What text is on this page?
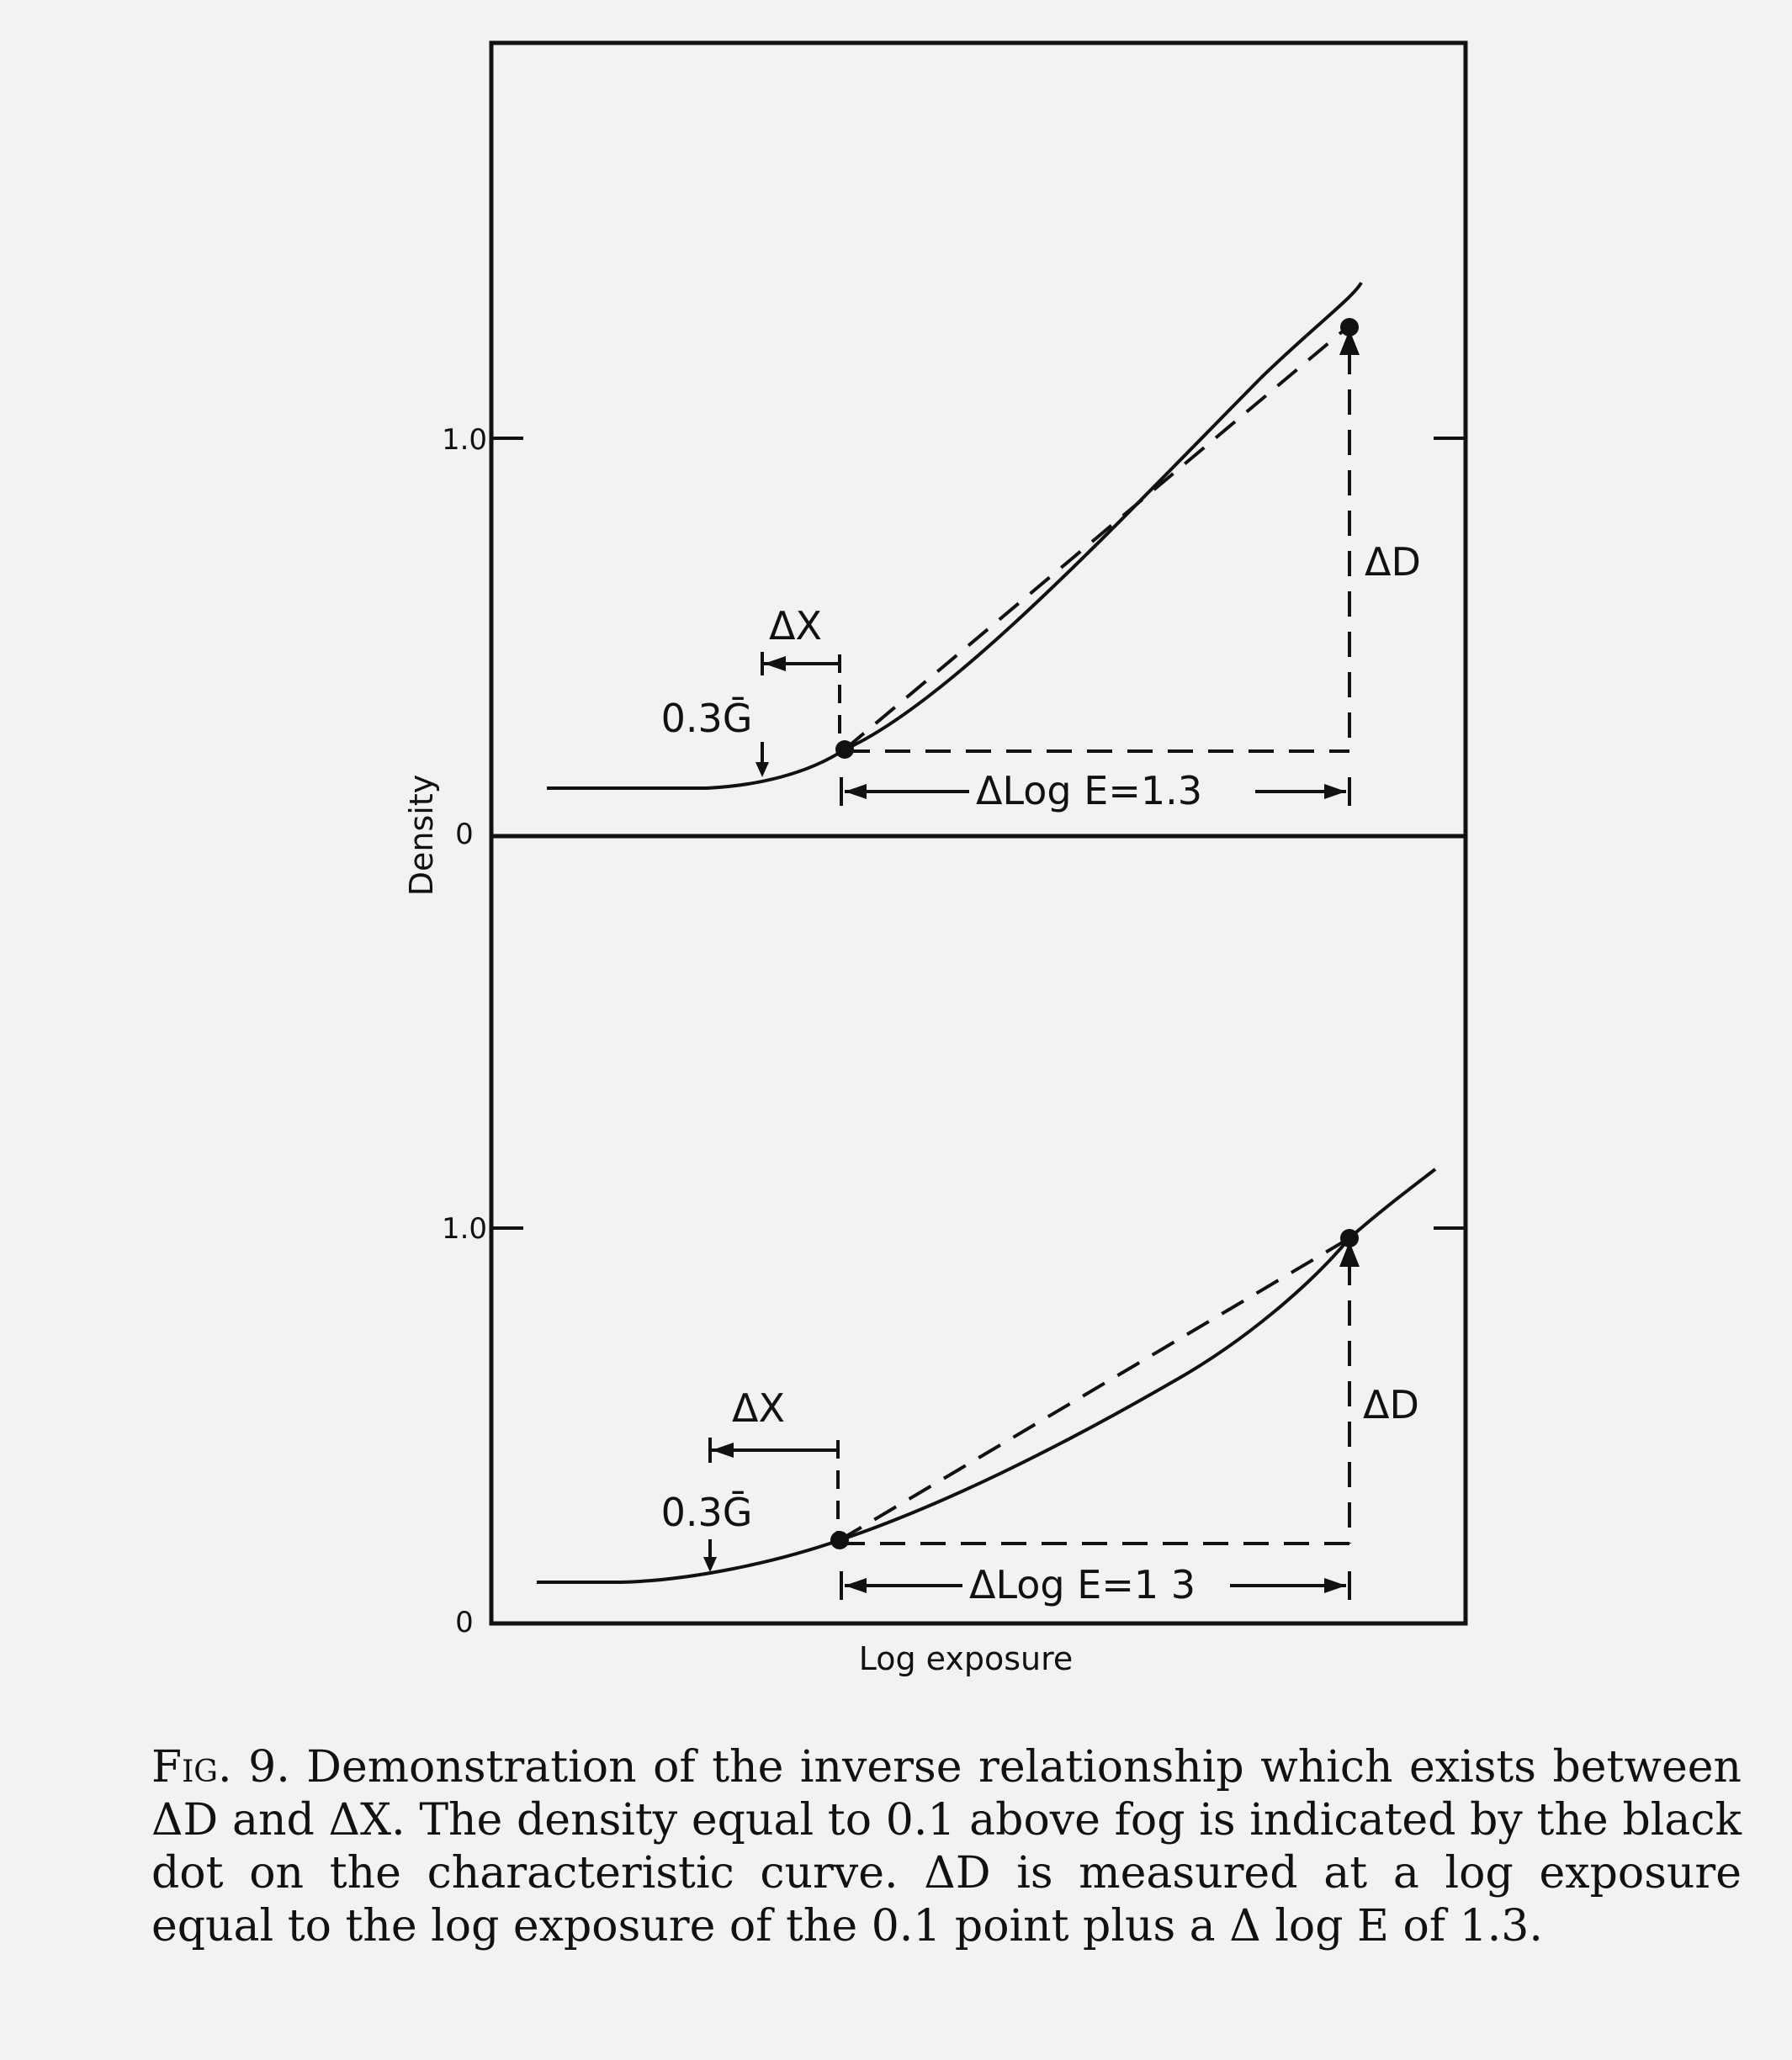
1.0
0
1.0
0
Density
Log exposure
ΔD
ΔX
0.3Ḡ
ΔLog E=1.3
ΔD
ΔX
0.3Ḡ
ΔLog E=1 3
Fig. 9. Demonstration of the inverse relationship which exists between ΔD and ΔX. The density equal to 0.1 above fog is indicated by the black dot on the characteristic curve. ΔD is measured at a log exposure equal to the log exposure of the 0.1 point plus a Δ log E of 1.3.
